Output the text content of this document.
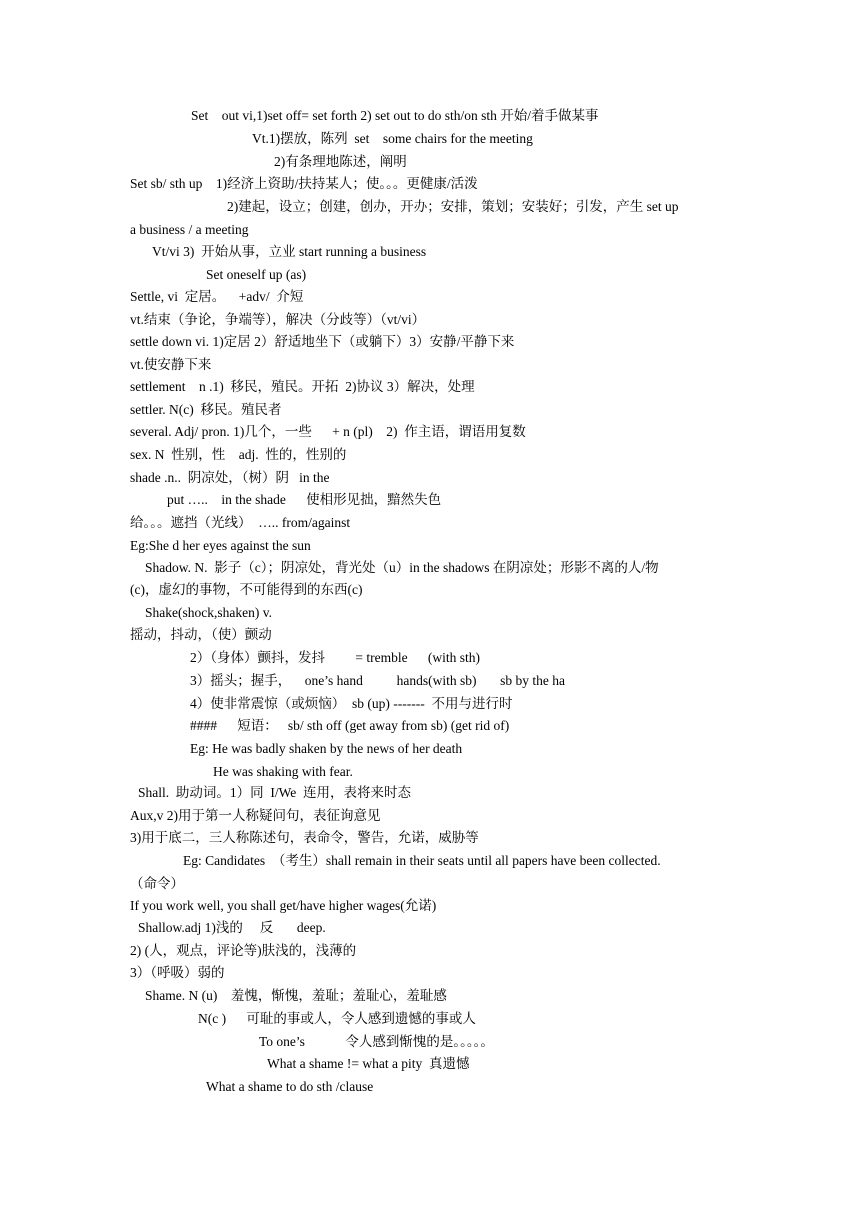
Set    out vi,1)set off= set forth 2) set out to do sth/on sth 开始/着手做某事
Vt.1)摆放，陈列  set    some chairs for the meeting
2)有条理地陈述，阐明
Set sb/ sth up    1)经济上资助/扶持某人；使。。。更健康/活泼
2)建起，设立；创建，创办，开办；安排，策划；安装好；引发，产生 set up
a business / a meeting
Vt/vi 3)  开始从事，立业 start running a business
Set oneself up (as)
Settle, vi  定居。    +adv/  介短
vt.结束（争论，争端等），解决（分歧等）（vt/vi）
settle down vi. 1)定居 2）舒适地坐下（或躺下）3）安静/平静下来
vt.使安静下来
settlement    n .1)  移民，殖民。开拓  2)协议 3）解决，处理
settler. N(c)  移民。殖民者
several. Adj/ pron. 1)几个，一些      + n (pl)    2)  作主语，谓语用复数
sex. N  性别，性    adj.  性的，性别的
shade .n..  阴凉处，（树）阴   in the
put …..    in the shade      使相形见拙，黯然失色
给。。。遮挡（光线）  ….. from/against
Eg:She d her eyes against the sun
Shadow. N.  影子（c）；阴凉处，背光处（u）in the shadows 在阴凉处；形影不离的人/物
(c)，虚幻的事物，不可能得到的东西(c)
Shake(shock,shaken) v.
摇动，抖动，（使）颤动
2）（身体）颤抖，发抖         = tremble      (with sth)
3）摇头；握手，    one’s hand          hands(with sb)       sb by the ha
4）使非常震惊（或烦恼）  sb (up) -------  不用与进行时
####      短语：   sb/ sth off (get away from sb) (get rid of)
Eg: He was badly shaken by the news of her death
He was shaking with fear.
Shall.  助动词。1）同  I/We  连用，表将来时态
Aux,v 2)用于第一人称疑问句，表征询意见
3)用于底二，三人称陈述句，表命令，警告，允诺，威胁等
Eg: Candidates  （考生）shall remain in their seats until all papers have been collected.
（命令）
If you work well, you shall get/have higher wages(允诺)
Shallow.adj 1)浅的     反       deep.
2) (人，观点，评论等)肤浅的，浅薄的
3）（呼吸）弱的
Shame. N (u)    羞愧，惭愧，羞耻；羞耻心，羞耻感
N(c )      可耻的事或人，令人感到遗憾的事或人
To one’s            令人感到惭愧的是。。。。。
What a shame != what a pity  真遗憾
What a shame to do sth /clause
